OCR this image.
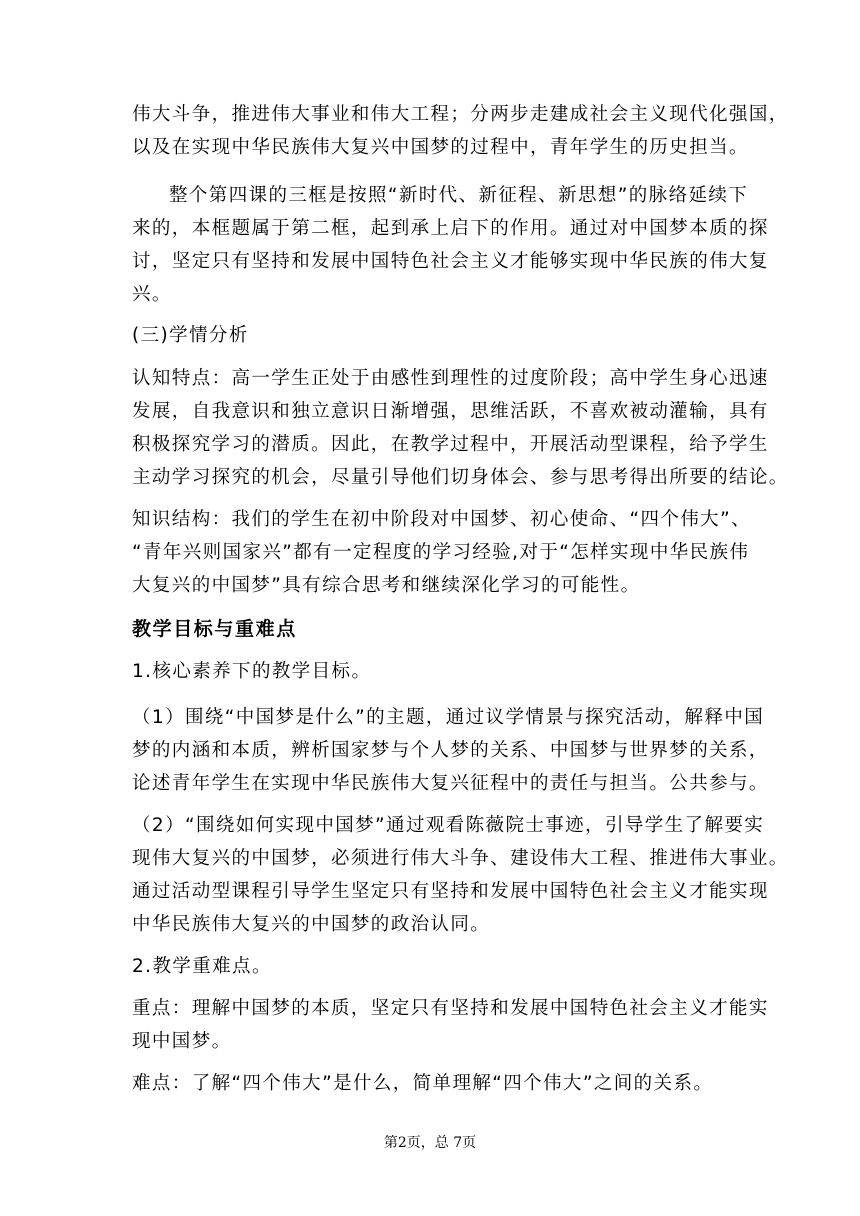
伟大斗争，推进伟大事业和伟大工程；分两步走建成社会主义现代化强国，
以及在实现中华民族伟大复兴中国梦的过程中，青年学生的历史担当。
整个第四课的三框是按照“新时代、新征程、新思想”的脉络延续下
来的，本框题属于第二框，起到承上启下的作用。通过对中国梦本质的探
讨，坚定只有坚持和发展中国特色社会主义才能够实现中华民族的伟大复
兴。
(三)学情分析
认知特点：高一学生正处于由感性到理性的过度阶段；高中学生身心迅速
发展，自我意识和独立意识日渐增强，思维活跃，不喜欢被动灌输，具有
积极探究学习的潜质。因此，在教学过程中，开展活动型课程，给予学生
主动学习探究的机会，尽量引导他们切身体会、参与思考得出所要的结论。
知识结构：我们的学生在初中阶段对中国梦、初心使命、“四个伟大”、
“青年兴则国家兴”都有一定程度的学习经验,对于“怎样实现中华民族伟
大复兴的中国梦”具有综合思考和继续深化学习的可能性。
教学目标与重难点
1.核心素养下的教学目标。
（1）围绕“中国梦是什么”的主题，通过议学情景与探究活动，解释中国
梦的内涵和本质，辨析国家梦与个人梦的关系、中国梦与世界梦的关系，
论述青年学生在实现中华民族伟大复兴征程中的责任与担当。公共参与。
（2）“围绕如何实现中国梦”通过观看陈薇院士事迹，引导学生了解要实
现伟大复兴的中国梦，必须进行伟大斗争、建设伟大工程、推进伟大事业。
通过活动型课程引导学生坚定只有坚持和发展中国特色社会主义才能实现
中华民族伟大复兴的中国梦的政治认同。
2.教学重难点。
重点：理解中国梦的本质，坚定只有坚持和发展中国特色社会主义才能实
现中国梦。
难点：了解“四个伟大”是什么，简单理解“四个伟大”之间的关系。
第2页，总 7页
